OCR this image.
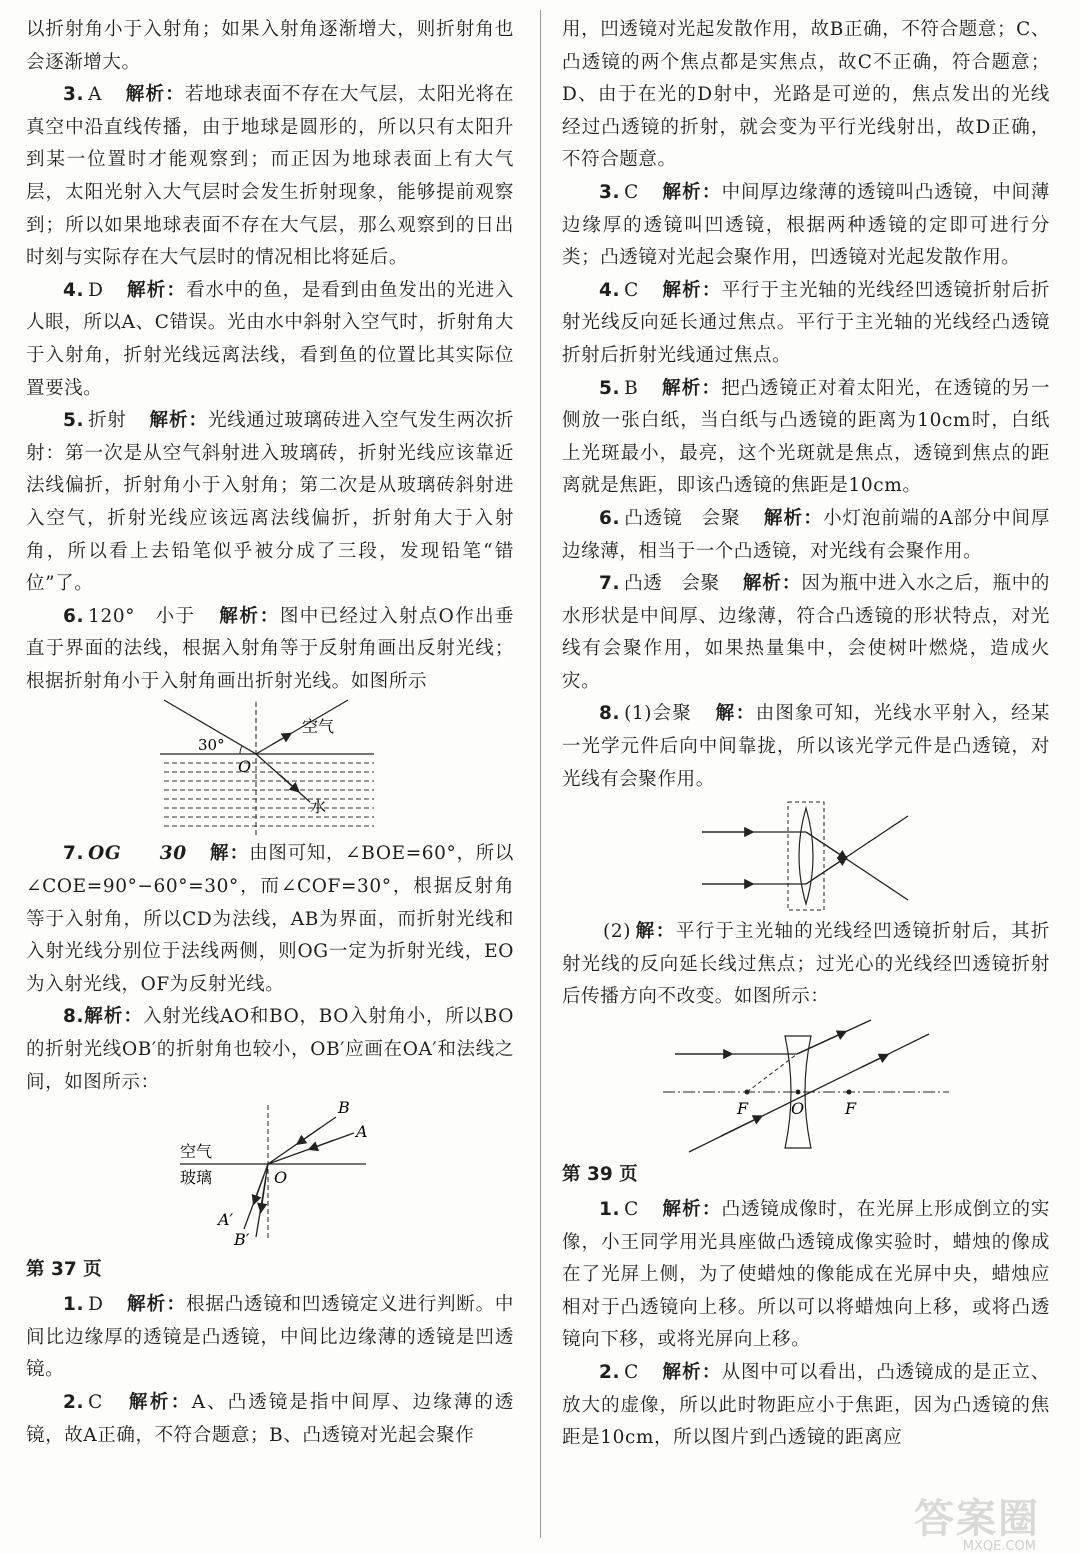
以折射角小于入射角；如果入射角逐渐增大，则折射角也会逐渐增大。

3. A　 解析：若地球表面不存在大气层，太阳光将在真空中沿直线传播，由于地球是圆形的，所以只有太阳升到某一位置时才能观察到；而正因为地球表面上有大气层，太阳光射入大气层时会发生折射现象，能够提前观察到；所以如果地球表面不存在大气层，那么观察到的日出时刻与实际存在大气层时的情况相比将延后。

4. D　 解析：看水中的鱼，是看到由鱼发出的光进入人眼，所以A、C错误。光由水中斜射入空气时，折射角大于入射角，折射光线远离法线，看到鱼的位置比其实际位置要浅。

5. 折射　 解析：光线通过玻璃砖进入空气发生两次折射：第一次是从空气斜射进入玻璃砖，折射光线应该靠近法线偏折，折射角小于入射角；第二次是从玻璃砖斜射进入空气，折射光线应该远离法线偏折，折射角大于入射角，所以看上去铅笔似乎被分成了三段，发现铅笔“错位”了。

6. 120°　小于　 解析：图中已经过入射点O作出垂直于界面的法线，根据入射角等于反射角画出反射光线；根据折射角小于入射角画出折射光线。如图所示

30°
空气
O
水

7. OG　　30　 解：由图可知，∠BOE=60°，所以∠COE=90°−60°=30°，而∠COF=30°，根据反射角等于入射角，所以CD为法线，AB为界面，而折射光线和入射光线分别位于法线两侧，则OG一定为折射光线，EO为入射光线，OF为反射光线。

8.解析：入射光线AO和BO，BO入射角小，所以BO的折射光线OB′的折射角也较小，OB′应画在OA′和法线之间，如图所示：

B
A
空气
玻璃	O
A′
B′
第 37 页

1. D　 解析：根据凸透镜和凹透镜定义进行判断。中间比边缘厚的透镜是凸透镜，中间比边缘薄的透镜是凹透镜。

2. C　 解析：A、凸透镜是指中间厚、边缘薄的透镜，故A正确，不符合题意；B、凸透镜对光起会聚作

用，凹透镜对光起发散作用，故B正确，不符合题意；C、凸透镜的两个焦点都是实焦点，故C不正确，符合题意；D、由于在光的D射中，光路是可逆的，焦点发出的光线经过凸透镜的折射，就会变为平行光线射出，故D正确，不符合题意。

3. C　 解析：中间厚边缘薄的透镜叫凸透镜，中间薄边缘厚的透镜叫凹透镜，根据两种透镜的定即可进行分类；凸透镜对光起会聚作用，凹透镜对光起发散作用。

4. C　 解析：平行于主光轴的光线经凹透镜折射后折射光线反向延长通过焦点。平行于主光轴的光线经凸透镜折射后折射光线通过焦点。

5. B　 解析：把凸透镜正对着太阳光，在透镜的另一侧放一张白纸，当白纸与凸透镜的距离为10cm时，白纸上光斑最小，最亮，这个光斑就是焦点，透镜到焦点的距离就是焦距，即该凸透镜的焦距是10cm。

6. 凸透镜　会聚　 解析：小灯泡前端的A部分中间厚边缘薄，相当于一个凸透镜，对光线有会聚作用。

7. 凸透　会聚　 解析：因为瓶中进入水之后，瓶中的水形状是中间厚、边缘薄，符合凸透镜的形状特点，对光线有会聚作用，如果热量集中，会使树叶燃烧，造成火灾。

8. (1)会聚　 解：由图象可知，光线水平射入，经某一光学元件后向中间靠拢，所以该光学元件是凸透镜，对光线有会聚作用。

(2) 解：平行于主光轴的光线经凹透镜折射后，其折射光线的反向延长线过焦点；过光心的光线经凹透镜折射后传播方向不改变。如图所示：

F	O	F
第 39 页

1. C　 解析：凸透镜成像时，在光屏上形成倒立的实像，小王同学用光具座做凸透镜成像实验时，蜡烛的像成在了光屏上侧，为了使蜡烛的像能成在光屏中央，蜡烛应相对于凸透镜向上移。所以可以将蜡烛向上移，或将凸透镜向下移，或将光屏向上移。

2. C　 解析：从图中可以看出，凸透镜成的是正立、放大的虚像，所以此时物距应小于焦距，因为凸透镜的焦距是10cm，所以图片到凸透镜的距离应

答案圈
MXQE.COM
